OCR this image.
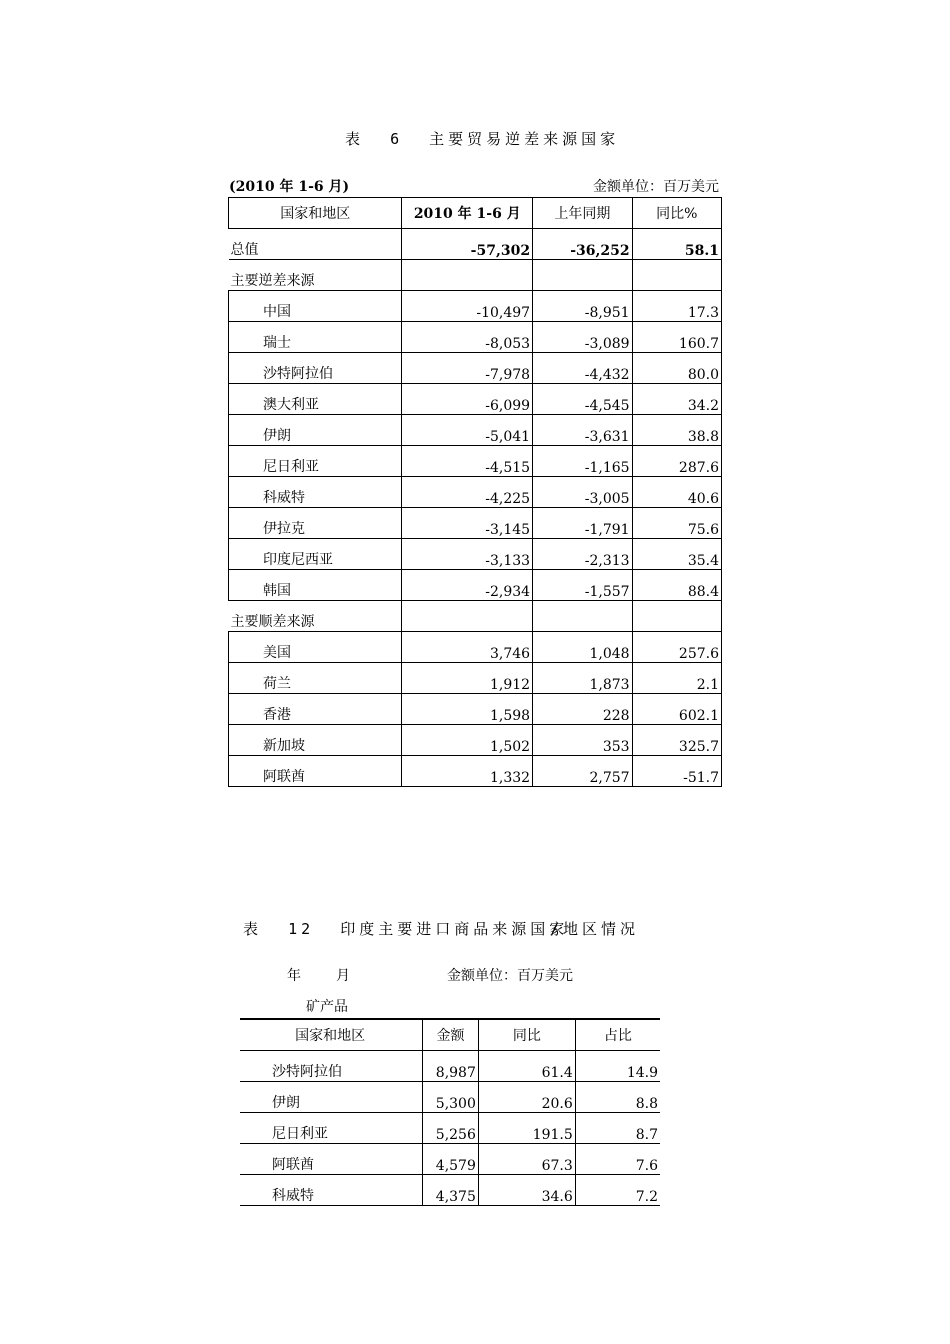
表 6 主要贸易逆差来源国家
(2010 年 1-6 月)	金额单位：百万美元
国家和地区	2010 年 1-6 月	上年同期	同比%
总值	-57,302	-36,252	58.1
主要逆差来源			
中国	-10,497	-8,951	17.3
瑞士	-8,053	-3,089	160.7
沙特阿拉伯	-7,978	-4,432	80.0
澳大利亚	-6,099	-4,545	34.2
伊朗	-5,041	-3,631	38.8
尼日利亚	-4,515	-1,165	287.6
科威特	-4,225	-3,005	40.6
伊拉克	-3,145	-1,791	75.6
印度尼西亚	-3,133	-2,313	35.4
韩国	-2,934	-1,557	88.4
主要顺差来源			
美国	3,746	1,048	257.6
荷兰	1,912	1,873	2.1
香港	1,598	228	602.1
新加坡	1,502	353	325.7
阿联酋	1,332	2,757	-51.7
表 12 印度主要进口商品来源国家
/地区情况
年	月	金额单位：百万美元
矿产品
国家和地区	金额	同比	占比
沙特阿拉伯	8,987	61.4	14.9
伊朗	5,300	20.6	8.8
尼日利亚	5,256	191.5	8.7
阿联酋	4,579	67.3	7.6
科威特	4,375	34.6	7.2
